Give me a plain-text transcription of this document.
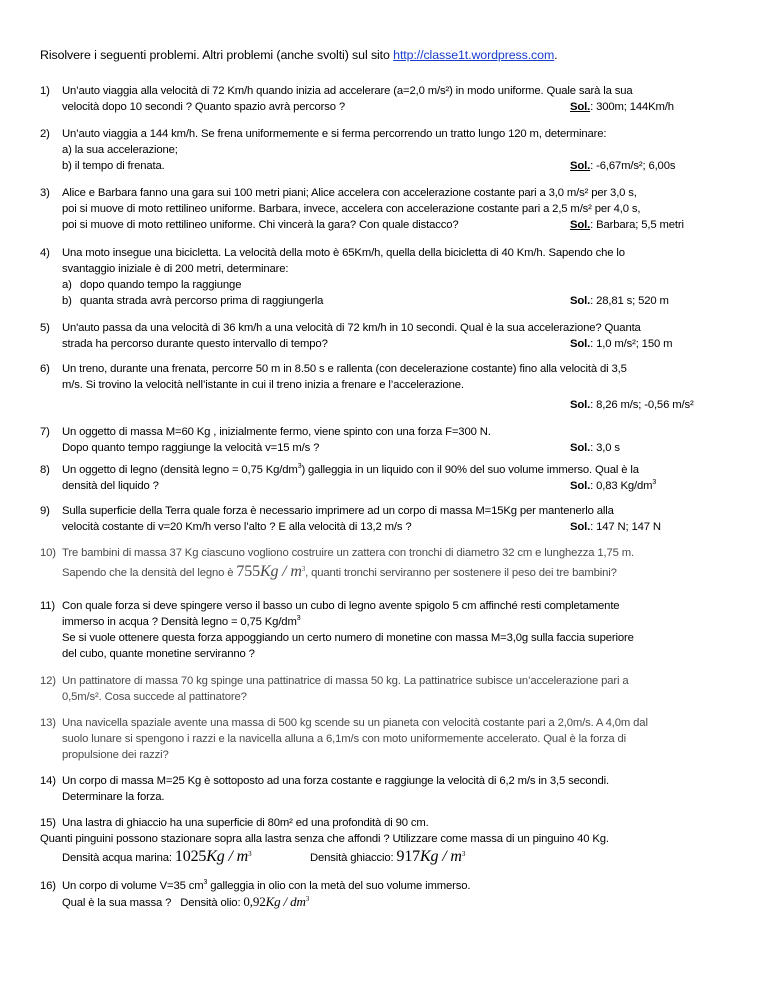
Risolvere i seguenti problemi. Altri problemi (anche svolti) sul sito http://classe1t.wordpress.com.
1) Un’auto viaggia alla velocità di 72 Km/h quando inizia ad accelerare (a=2,0 m/s²) in modo uniforme. Quale sarà la sua
velocità dopo 10 secondi ? Quanto spazio avrà percorso ?	Sol.: 300m; 144Km/h
2) Un’auto viaggia a 144 km/h. Se frena uniformemente e si ferma percorrendo un tratto lungo 120 m, determinare:
a) la sua accelerazione;
b) il tempo di frenata.	Sol.: -6,67m/s²; 6,00s
3) Alice e Barbara fanno una gara sui 100 metri piani; Alice accelera con accelerazione costante pari a 3,0 m/s² per 3,0 s,
poi si muove di moto rettilineo uniforme. Barbara, invece, accelera con accelerazione costante pari a 2,5 m/s² per 4,0 s,
poi si muove di moto rettilineo uniforme. Chi vincerà la gara? Con quale distacco?	Sol.: Barbara; 5,5 metri
4) Una moto insegue una bicicletta. La velocità della moto è 65Km/h, quella della bicicletta di 40 Km/h. Sapendo che lo
svantaggio iniziale è di 200 metri, determinare:
a) dopo quando tempo la raggiunge
b) quanta strada avrà percorso prima di raggiungerla	Sol.: 28,81 s; 520 m
5) Un'auto passa da una velocità di 36 km/h a una velocità di 72 km/h in 10 secondi. Qual è la sua accelerazione? Quanta
strada ha percorso durante questo intervallo di tempo?	Sol.: 1,0 m/s²; 150 m
6) Un treno, durante una frenata, percorre 50 m in 8.50 s e rallenta (con decelerazione costante) fino alla velocità di 3,5
m/s. Si trovino la velocità nell’istante in cui il treno inizia a frenare e l’accelerazione.
Sol.: 8,26 m/s; -0,56 m/s²
7) Un oggetto di massa M=60 Kg , inizialmente fermo, viene spinto con una forza F=300 N.
Dopo quanto tempo raggiunge la velocità v=15 m/s ?	Sol.: 3,0 s
8) Un oggetto di legno (densità legno = 0,75 $Kg/dm^3$) galleggia in un liquido con il 90% del suo volume immerso. Qual è la
densità del liquido ?	Sol.: 0,83 $Kg/dm^3$
9) Sulla superficie della Terra quale forza è necessario imprimere ad un corpo di massa M=15Kg per mantenerlo alla
velocità costante di v=20 Km/h verso l’alto ? E alla velocità di 13,2 m/s ?	Sol.: 147 N; 147 N
10) Tre bambini di massa 37 Kg ciascuno vogliono costruire un zattera con tronchi di diametro 32 cm e lunghezza 1,75 m.
Sapendo che la densità del legno è $755Kg / m^3$, quanti tronchi serviranno per sostenere il peso dei tre bambini?
11) Con quale forza si deve spingere verso il basso un cubo di legno avente spigolo 5 cm affinché resti completamente
immerso in acqua ? Densità legno = 0,75 $Kg/dm^3$
Se si vuole ottenere questa forza appoggiando un certo numero di monetine con massa M=3,0g sulla faccia superiore
del cubo, quante monetine serviranno ?
12) Un pattinatore di massa 70 kg spinge una pattinatrice di massa 50 kg. La pattinatrice subisce un’accelerazione pari a
0,5m/s². Cosa succede al pattinatore?
13) Una navicella spaziale avente una massa di 500 kg scende su un pianeta con velocità costante pari a 2,0m/s. A 4,0m dal
suolo lunare si spengono i razzi e la navicella alluna a 6,1m/s con moto uniformemente accelerato. Qual è la forza di
propulsione dei razzi?
14) Un corpo di massa M=25 Kg è sottoposto ad una forza costante e raggiunge la velocità di 6,2 m/s in 3,5 secondi.
Determinare la forza.
15) Una lastra di ghiaccio ha una superficie di 80m² ed una profondità di 90 cm.
Quanti pinguini possono stazionare sopra alla lastra senza che affondi ? Utilizzare come massa di un pinguino 40 Kg.
Densità acqua marina: $1025Kg / m^3$	Densità ghiaccio: $917Kg / m^3$
16) Un corpo di volume V=35 $cm^3$ galleggia in olio con la metà del suo volume immerso.
Qual è la sua massa ?   Densità olio: $0,92Kg / dm^3$
